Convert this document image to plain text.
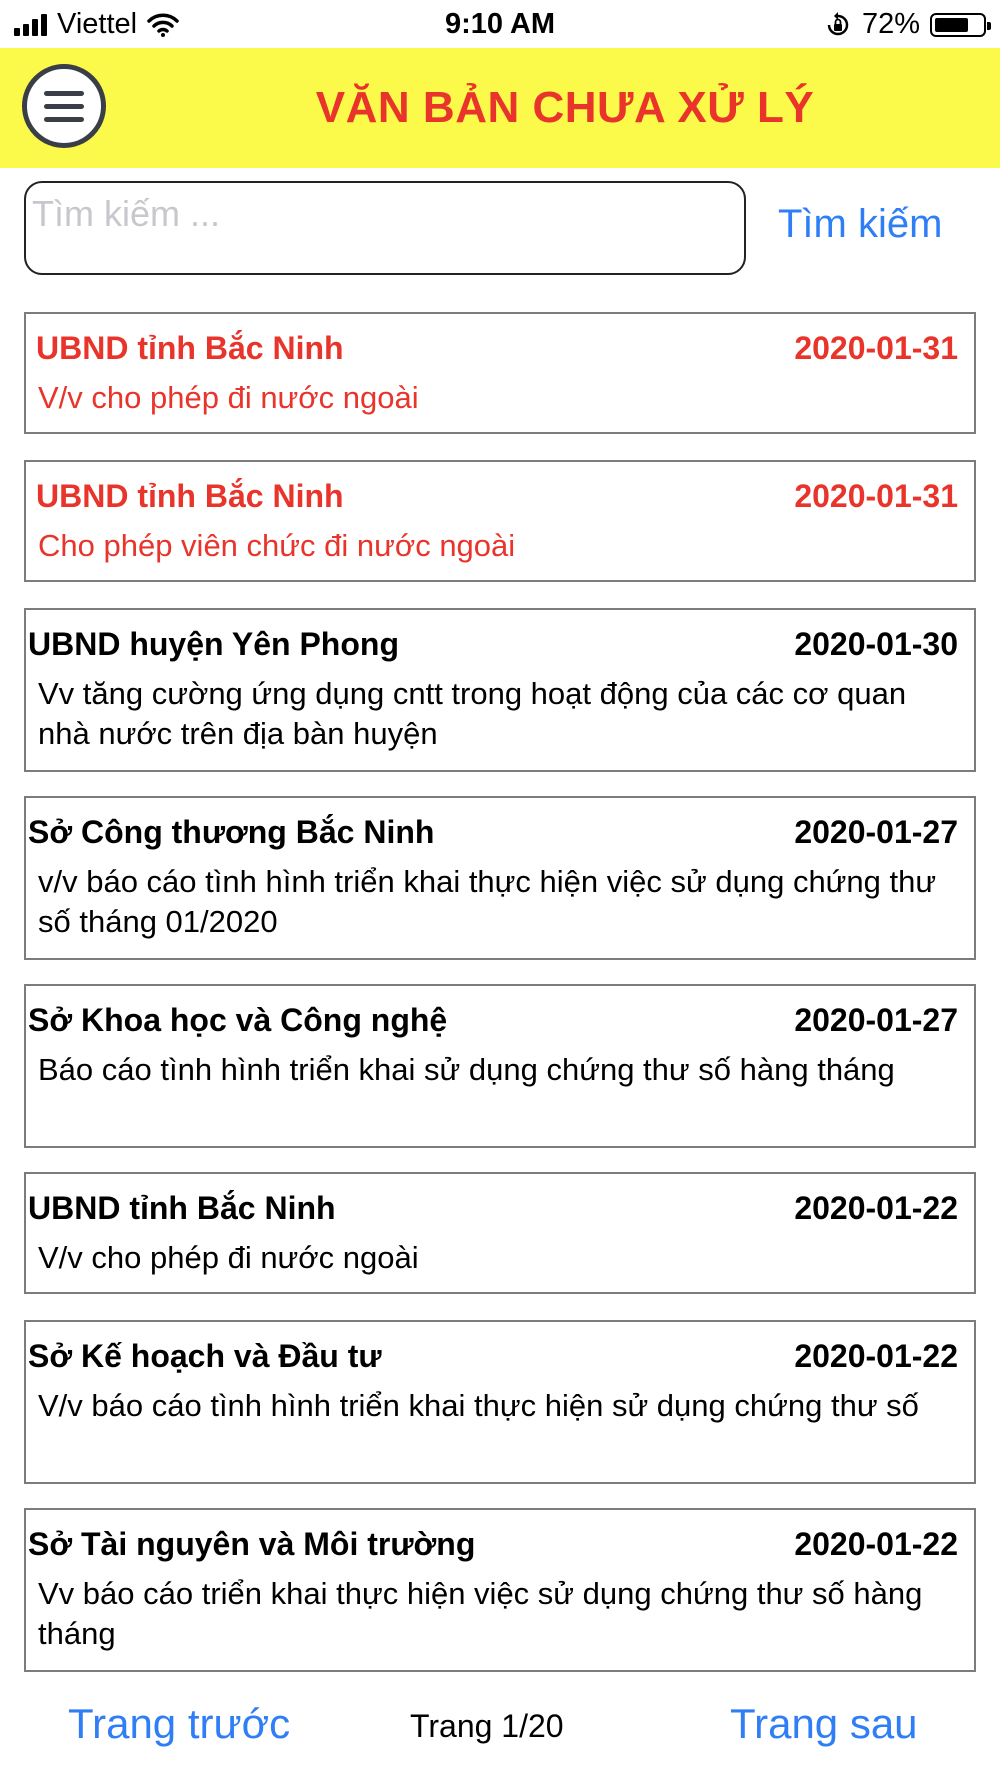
Viettel	9:10 AM	72%
VĂN BẢN CHƯA XỬ LÝ
Tìm kiếm ...
Tìm kiếm
UBND tỉnh Bắc Ninh	2020-01-31
V/v cho phép đi nước ngoài
UBND tỉnh Bắc Ninh	2020-01-31
Cho phép viên chức đi nước ngoài
UBND huyện Yên Phong	2020-01-30
Vv tăng cường ứng dụng cntt trong hoạt động của các cơ quan nhà nước trên địa bàn huyện
Sở Công thương Bắc Ninh	2020-01-27
v/v báo cáo tình hình triển khai thực hiện việc sử dụng chứng thư số tháng 01/2020
Sở Khoa học và Công nghệ	2020-01-27
Báo cáo tình hình triển khai sử dụng chứng thư số hàng tháng
UBND tỉnh Bắc Ninh	2020-01-22
V/v cho phép đi nước ngoài
Sở Kế hoạch và Đầu tư	2020-01-22
V/v báo cáo tình hình triển khai thực hiện sử dụng chứng thư số
Sở Tài nguyên và Môi trường	2020-01-22
Vv báo cáo triển khai thực hiện việc sử dụng chứng thư số hàng tháng
Trang trước	Trang 1/20	Trang sau
